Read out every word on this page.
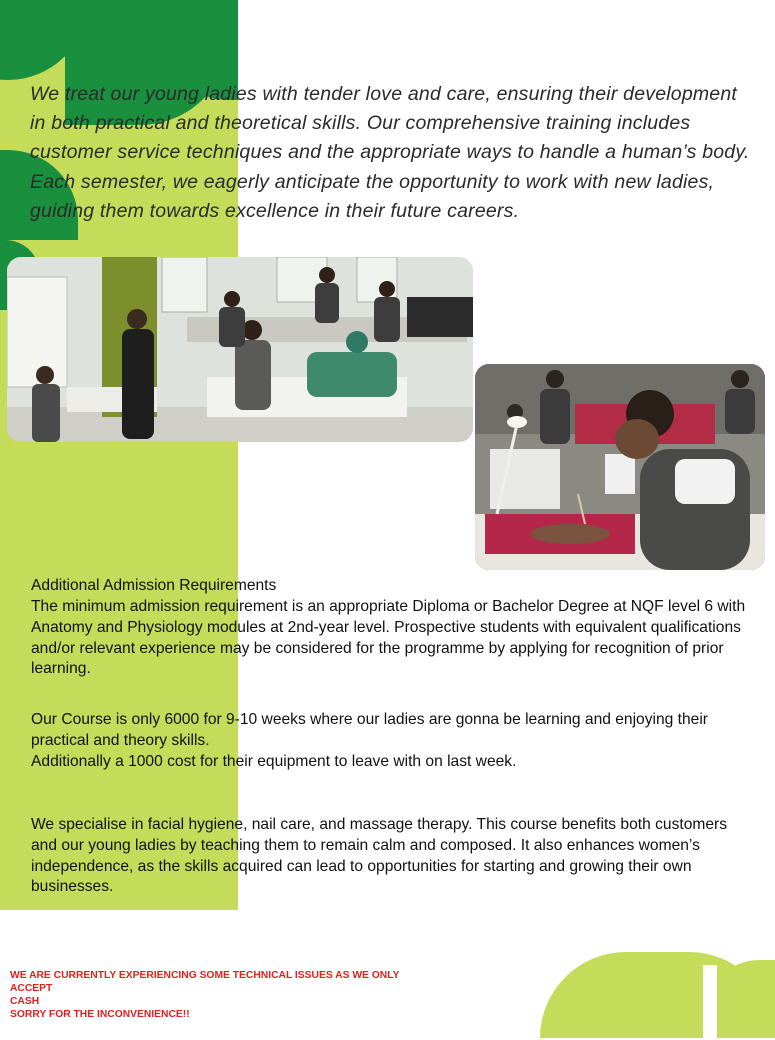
We treat our young ladies with tender love and care, ensuring their development in both practical and theoretical skills. Our comprehensive training includes customer service techniques and the appropriate ways to handle a human’s body. Each semester, we eagerly anticipate the opportunity to work with new ladies, guiding them towards excellence in their future careers.

Additional Admission Requirements

The minimum admission requirement is an appropriate Diploma or Bachelor Degree at NQF level 6 with Anatomy and Physiology modules at 2nd-year level. Prospective students with equivalent qualifications and/or relevant experience may be considered for the programme by applying for recognition of prior learning.

Our Course is only 6000 for 9-10 weeks where our ladies are gonna be learning and enjoying their practical and theory skills.

Additionally a 1000 cost for their equipment to leave with on last week.

We specialise in facial hygiene, nail care, and massage therapy. This course benefits both customers and our young ladies by teaching them to remain calm and composed. It also enhances women’s independence, as the skills acquired can lead to opportunities for starting and growing their own businesses.

WE ARE CURRENTLY EXPERIENCING SOME TECHNICAL ISSUES AS WE ONLY
ACCEPT
CASH
SORRY FOR THE INCONVENIENCE!!
